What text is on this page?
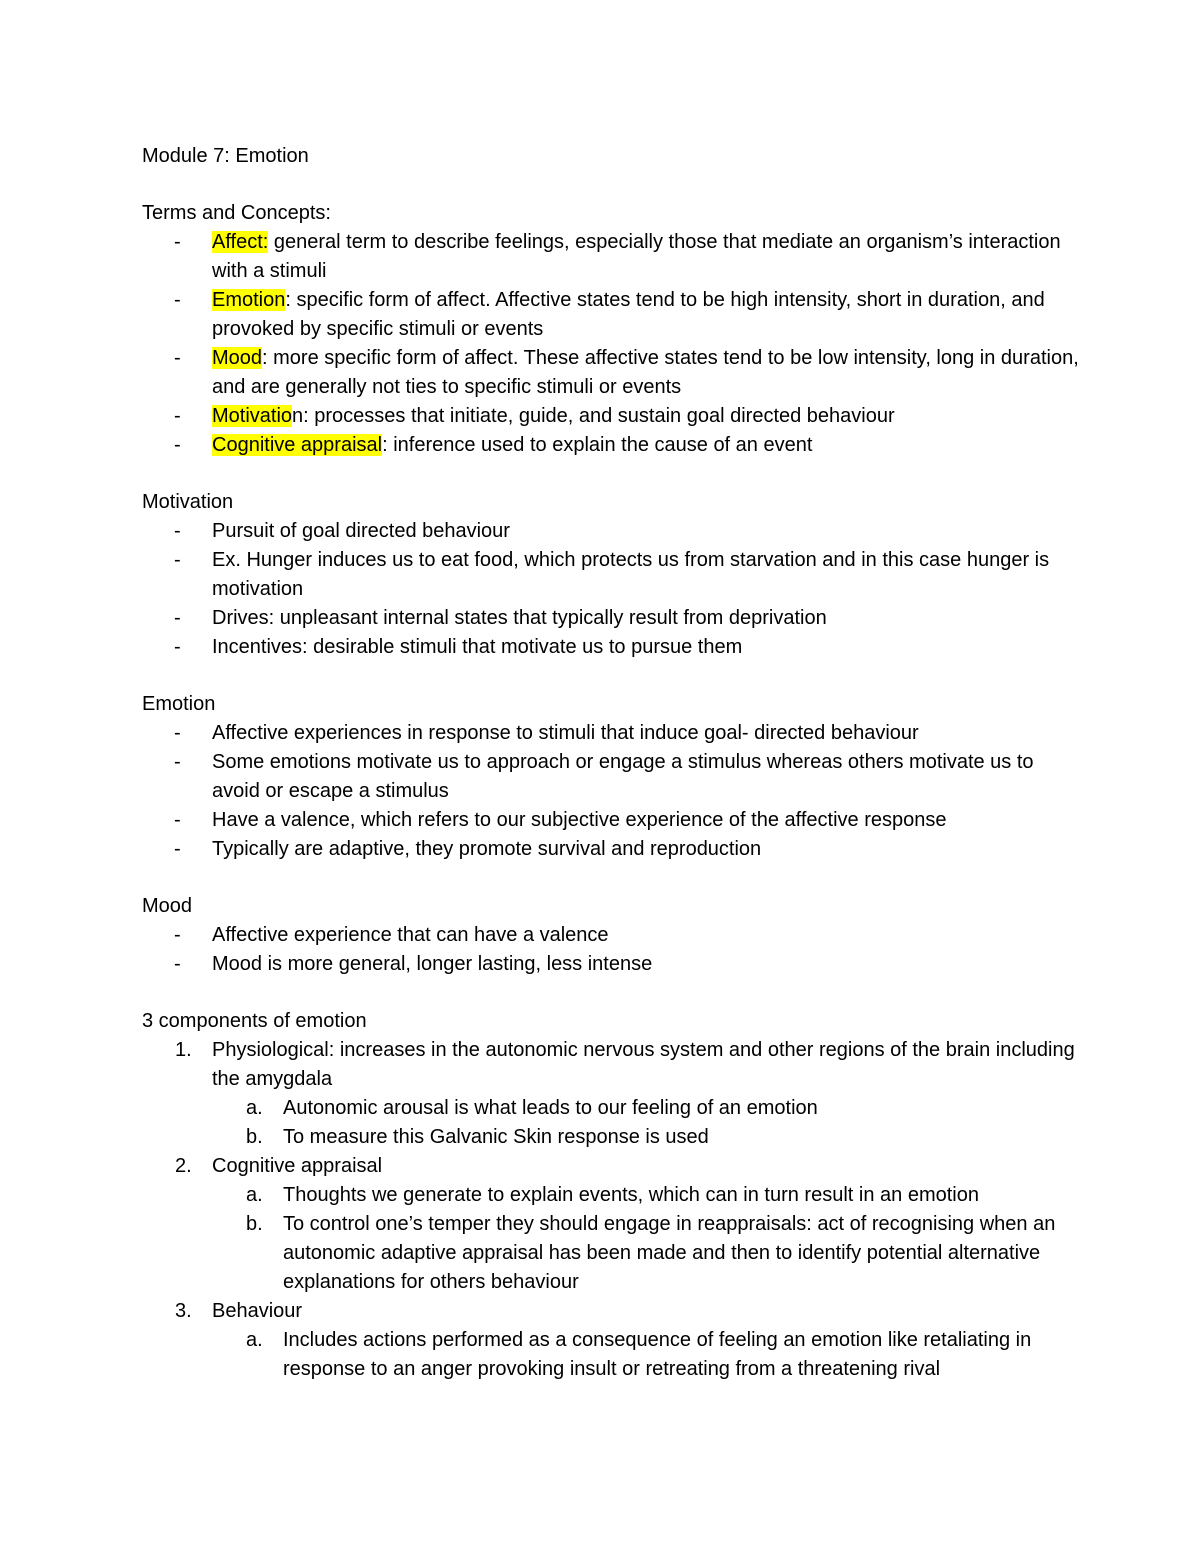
Module 7: Emotion
Terms and Concepts:
- Affect: general term to describe feelings, especially those that mediate an organism’s interaction with a stimuli
- Emotion: specific form of affect. Affective states tend to be high intensity, short in duration, and provoked by specific stimuli or events
- Mood: more specific form of affect. These affective states tend to be low intensity, long in duration, and are generally not ties to specific stimuli or events
- Motivation: processes that initiate, guide, and sustain goal directed behaviour
- Cognitive appraisal: inference used to explain the cause of an event
Motivation
- Pursuit of goal directed behaviour
- Ex. Hunger induces us to eat food, which protects us from starvation and in this case hunger is motivation
- Drives: unpleasant internal states that typically result from deprivation
- Incentives: desirable stimuli that motivate us to pursue them
Emotion
- Affective experiences in response to stimuli that induce goal- directed behaviour
- Some emotions motivate us to approach or engage a stimulus whereas others motivate us to avoid or escape a stimulus
- Have a valence, which refers to our subjective experience of the affective response
- Typically are adaptive, they promote survival and reproduction
Mood
- Affective experience that can have a valence
- Mood is more general, longer lasting, less intense
3 components of emotion
1. Physiological: increases in the autonomic nervous system and other regions of the brain including the amygdala
a. Autonomic arousal is what leads to our feeling of an emotion
b. To measure this Galvanic Skin response is used
2. Cognitive appraisal
a. Thoughts we generate to explain events, which can in turn result in an emotion
b. To control one’s temper they should engage in reappraisals: act of recognising when an autonomic adaptive appraisal has been made and then to identify potential alternative explanations for others behaviour
3. Behaviour
a. Includes actions performed as a consequence of feeling an emotion like retaliating in response to an anger provoking insult or retreating from a threatening rival
